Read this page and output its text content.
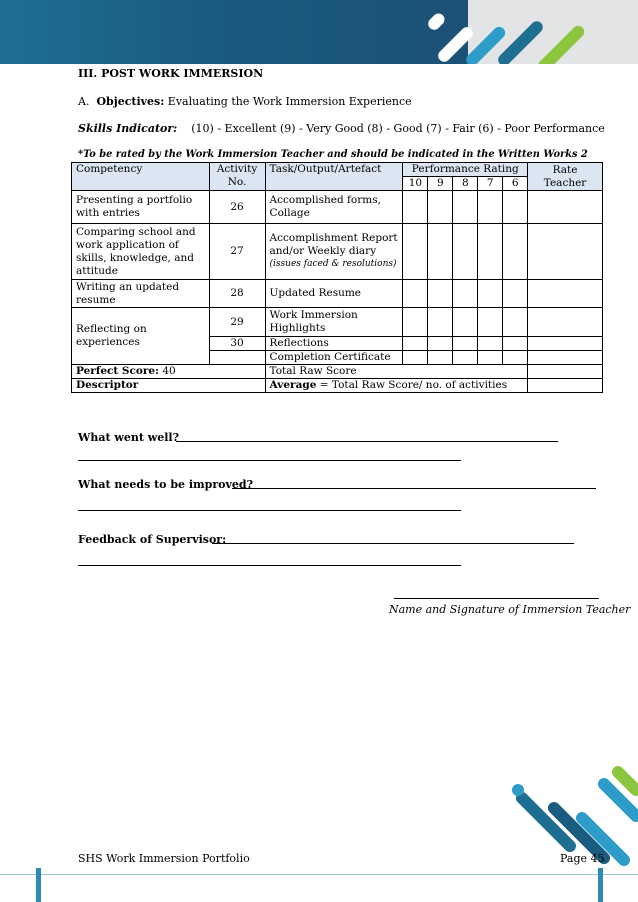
III. POST WORK IMMERSION
A. Objectives: Evaluating the Work Immersion Experience
Skills Indicator: (10) - Excellent (9) - Very Good (8) - Good (7) - Fair (6) - Poor Performance
*To be rated by the Work Immersion Teacher and should be indicated in the Written Works 2
Competency	Activity No.	Task/Output/Artefact	Performance Rating					Rate Teacher
			10	9	8	7	6	
Presenting a portfolio with entries	26	Accomplished forms, Collage						
Comparing school and work application of skills, knowledge, and attitude	27	Accomplishment Report and/or Weekly diary
(issues faced & resolutions)						

Writing an updated resume	28	Updated Resume						
Reflecting on experiences	29	Work Immersion Highlights						
	30	Reflections						
		Completion Certificate						
Perfect Score: 40		Total Raw Score						
Descriptor		Average = Total Raw Score/ no. of activities						
What went well?
What needs to be improved?
Feedback of Supervisor:
Name and Signature of Immersion Teacher
SHS Work Immersion Portfolio	Page 45
